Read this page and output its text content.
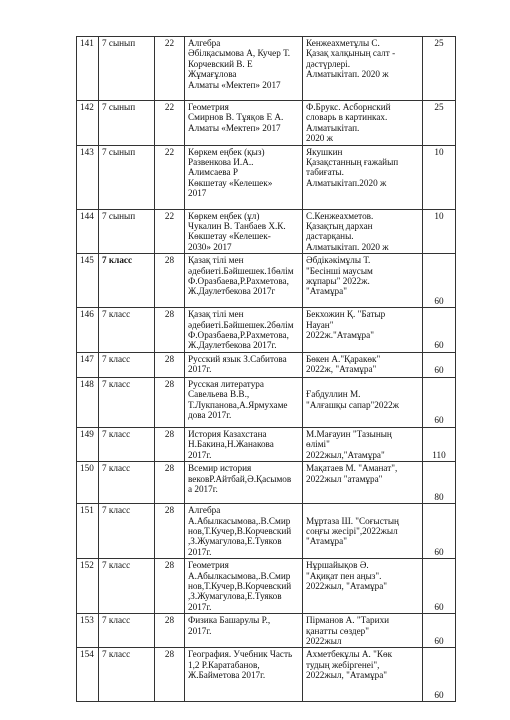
141	7 сынып	22	Алгебра
Әбілқасымова А, Кучер Т.
Корчевский В. Е
Жұмағұлова
Алматы «Мектеп» 2017	Кенжеахметұлы С.
Қазақ халқының салт -
дәстүрлері.
Алматыкітап. 2020 ж	25
142	7 сынып	22	Геометрия
Смирнов В. Тұяқов Е А.
Алматы «Мектеп» 2017	Ф.Брукс. Асборнский
словарь в картинках.
Алматыкітап.
2020 ж	25
143	7 сынып	22	Көркем еңбек (қыз)
Развенкова И.А..
Алимсаева Р
Көкшетау «Келешек»
2017	Якушкин
Қазақстанның ғажайып
табиғаты.
Алматыкітап.2020 ж	10
144	7 сынып	22	Көркем еңбек (ұл)
Чукалин В. Танбаев Х.К.
Көкшетау «Келешек-
2030» 2017	С.Кенжеахметов.
Қазақтың дархан
дастарқаны.
Алматыкітап. 2020 ж	10
145	7 класс	28	Қазақ тілі мен
әдебиеті.Бәйшешек.1бөлім
Ф.Оразбаева,Р.Рахметова,
Ж.Даулетбекова 2017г	Әбдікәкімұлы Т.
"Бесінші маусым
жұпары" 2022ж.
"Атамұра"	60
146	7 класс	28	Қазақ тілі мен
әдебиеті.Бәйшешек.2бөлім
Ф.Оразбаева,Р.Рахметова,
Ж.Даулетбекова 2017г.	Бекхожин Қ. "Батыр
Науан"
2022ж."Атамұра"	60
147	7 класс	28	Русский язык З.Сабитова
2017г.	Бөкен А."Қаракөк"
2022ж, "Атамұра"	60
148	7 класс	28	Русская литература
Савельева В.В.,
Т.Лукпанова,А.Ярмухаме
дова 2017г.	
Ғабдуллин М.
"Алғашқы сапар"2022ж	60
149	7 класс	28	История Казахстана
Н.Бакина,Н.Жанакова
2017г.	М.Мағауин "Тазының
өлімі"
2022жыл,"Атамұра"	110
150	7 класс	28	Всемир история
вековР.Айтбай,Ә.Қасымов
а 2017г.	Мақатаев М. "Аманат",
2022жыл "атамұра"	80
151	7 класс	28	Алгебра
А.Абылкасымова,.В.Смир
нов,Т.Кучер,В.Корчевский
,З.Жумагулова,Е.Туяков
2017г.	
Мұртаза Ш. "Соғыстың
соңғы жесірі",2022жыл
"Атамұра"	60
152	7 класс	28	Геометрия
А.Абылкасымова,.В.Смир
нов,Т.Кучер,В.Корчевский
,З.Жумагулова,Е.Туяков
2017г.	Нұршайықов Ә.
"Ақиқат пен аңыз".
2022жыл, "Атамұра"	60
153	7 класс	28	Физика Башарулы Р.,
2017г.	Пірманов А. "Тарихи
қанатты сөздер"
2022жыл	60
154	7 класс	28	География. Учебник Часть
1,2 Р.Каратабанов,
Ж.Байметова 2017г.	Ахметбекұлы А. "Көк
тудың жебіргенеі",
2022жыл, "Атамұра"	60
